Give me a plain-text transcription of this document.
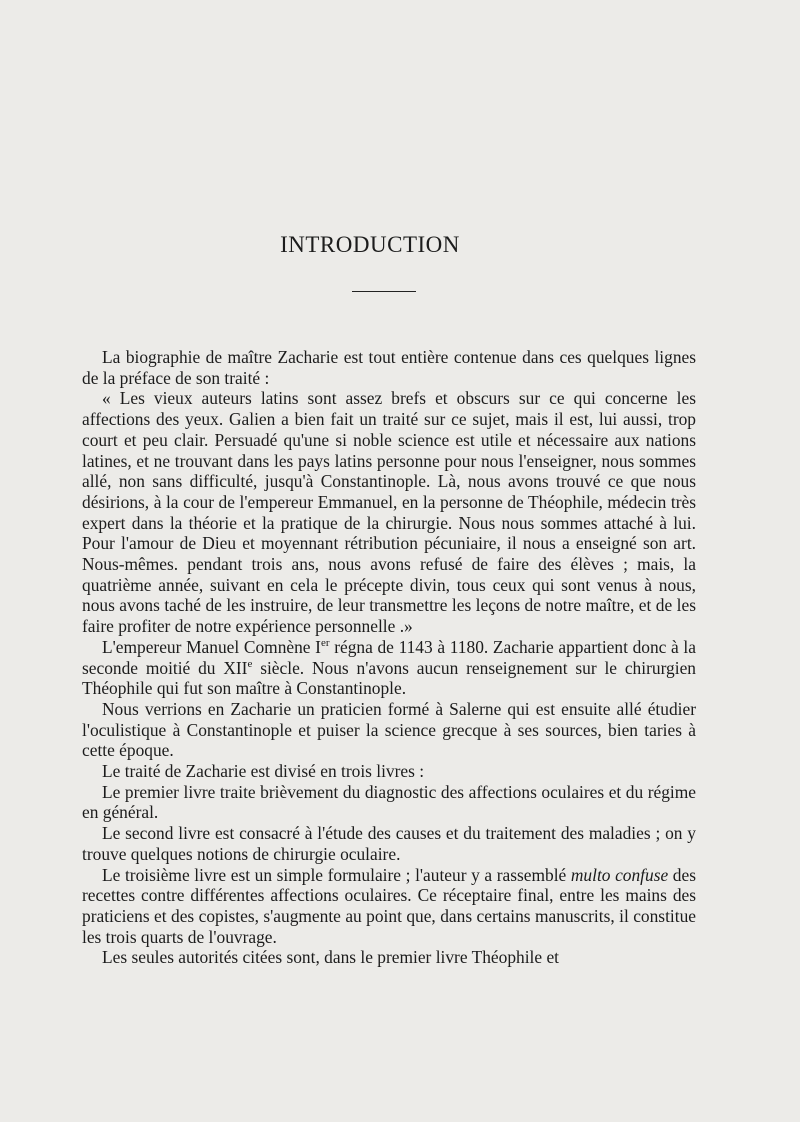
INTRODUCTION

La biographie de maître Zacharie est tout entière contenue dans ces quelques lignes de la préface de son traité :

« Les vieux auteurs latins sont assez brefs et obscurs sur ce qui concerne les affections des yeux. Galien a bien fait un traité sur ce sujet, mais il est, lui aussi, trop court et peu clair. Persuadé qu'une si noble science est utile et nécessaire aux nations latines, et ne trouvant dans les pays latins personne pour nous l'enseigner, nous sommes allé, non sans difficulté, jusqu'à Constantinople. Là, nous avons trouvé ce que nous désirions, à la cour de l'empereur Emmanuel, en la personne de Théophile, médecin très expert dans la théorie et la pratique de la chirurgie. Nous nous sommes attaché à lui. Pour l'amour de Dieu et moyennant rétribution pécuniaire, il nous a enseigné son art. Nous-mêmes. pendant trois ans, nous avons refusé de faire des élèves ; mais, la quatrième année, suivant en cela le précepte divin, tous ceux qui sont venus à nous, nous avons taché de les instruire, de leur transmettre les leçons de notre maître, et de les faire profiter de notre expérience personnelle .»

L'empereur Manuel Comnène Ier régna de 1143 à 1180. Zacharie appartient donc à la seconde moitié du XIIe siècle. Nous n'avons aucun renseignement sur le chirurgien Théophile qui fut son maître à Constantinople.

Nous verrions en Zacharie un praticien formé à Salerne qui est ensuite allé étudier l'oculistique à Constantinople et puiser la science grecque à ses sources, bien taries à cette époque.

Le traité de Zacharie est divisé en trois livres :

Le premier livre traite brièvement du diagnostic des affections oculaires et du régime en général.

Le second livre est consacré à l'étude des causes et du traitement des maladies ; on y trouve quelques notions de chirurgie oculaire.

Le troisième livre est un simple formulaire ; l'auteur y a rassemblé multo confuse des recettes contre différentes affections oculaires. Ce réceptaire final, entre les mains des praticiens et des copistes, s'augmente au point que, dans certains manuscrits, il constitue les trois quarts de l'ouvrage.

Les seules autorités citées sont, dans le premier livre Théophile et
